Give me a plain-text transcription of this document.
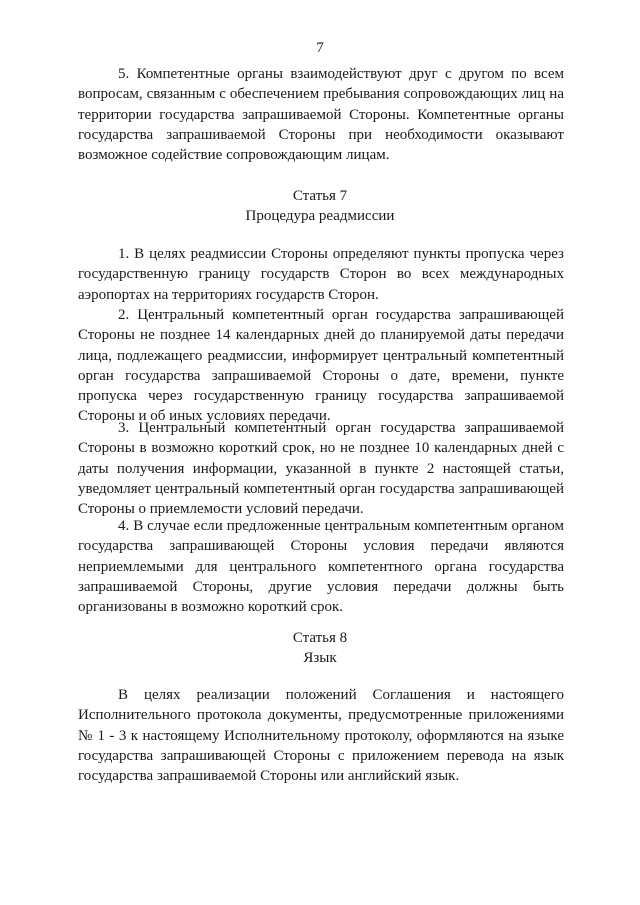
7

5. Компетентные органы взаимодействуют друг с другом по всем вопросам, связанным с обеспечением пребывания сопровождающих лиц на территории государства запрашиваемой Стороны. Компетентные органы государства запрашиваемой Стороны при необходимости оказывают возможное содействие сопровождающим лицам.

Статья 7
Процедура реадмиссии

1. В целях реадмиссии Стороны определяют пункты пропуска через государственную границу государств Сторон во всех международных аэропортах на территориях государств Сторон.

2. Центральный компетентный орган государства запрашивающей Стороны не позднее 14 календарных дней до планируемой даты передачи лица, подлежащего реадмиссии, информирует центральный компетентный орган государства запрашиваемой Стороны о дате, времени, пункте пропуска через государственную границу государства запрашиваемой Стороны и об иных условиях передачи.

3. Центральный компетентный орган государства запрашиваемой Стороны в возможно короткий срок, но не позднее 10 календарных дней с даты получения информации, указанной в пункте 2 настоящей статьи, уведомляет центральный компетентный орган государства запрашивающей Стороны о приемлемости условий передачи.

4. В случае если предложенные центральным компетентным органом государства запрашивающей Стороны условия передачи являются неприемлемыми для центрального компетентного органа государства запрашиваемой Стороны, другие условия передачи должны быть организованы в возможно короткий срок.

Статья 8
Язык

В целях реализации положений Соглашения и настоящего Исполнительного протокола документы, предусмотренные приложениями № 1 - 3 к настоящему Исполнительному протоколу, оформляются на языке государства запрашивающей Стороны с приложением перевода на язык государства запрашиваемой Стороны или английский язык.
